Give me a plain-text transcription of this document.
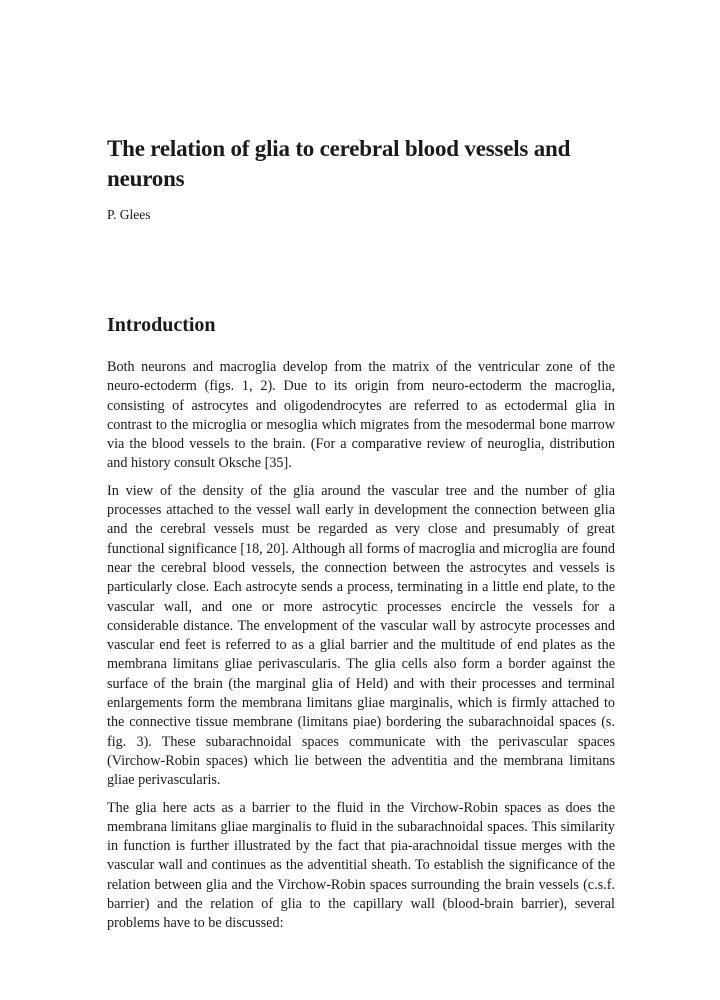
The relation of glia to cerebral blood vessels and neurons

P. Glees

Introduction

Both neurons and macroglia develop from the matrix of the ventricular zone of the neuro-ectoderm (figs. 1, 2). Due to its origin from neuro-ectoderm the macroglia, consisting of astrocytes and oligodendrocytes are referred to as ectodermal glia in contrast to the microglia or mesoglia which migrates from the mesodermal bone marrow via the blood vessels to the brain. (For a comparative review of neuroglia, distribution and history consult Oksche [35].

In view of the density of the glia around the vascular tree and the number of glia processes attached to the vessel wall early in development the connection between glia and the cerebral vessels must be regarded as very close and presumably of great functional significance [18, 20]. Although all forms of macroglia and microglia are found near the cerebral blood vessels, the connection between the astrocytes and vessels is particularly close. Each astrocyte sends a process, terminating in a little end plate, to the vascular wall, and one or more astrocytic processes encircle the vessels for a considerable distance. The envelopment of the vascular wall by astrocyte processes and vascular end feet is referred to as a glial barrier and the multitude of end plates as the membrana limitans gliae perivascularis. The glia cells also form a border against the surface of the brain (the marginal glia of Held) and with their processes and terminal enlargements form the membrana limitans gliae marginalis, which is firmly attached to the connective tissue membrane (limitans piae) bordering the subarachnoidal spaces (s. fig. 3). These subarachnoidal spaces communicate with the perivascular spaces (Virchow-Robin spaces) which lie between the adventitia and the membrana limitans gliae perivascularis.

The glia here acts as a barrier to the fluid in the Virchow-Robin spaces as does the membrana limitans gliae marginalis to fluid in the subarachnoidal spaces. This similarity in function is further illustrated by the fact that pia-arachnoidal tissue merges with the vascular wall and continues as the adventitial sheath. To establish the significance of the relation between glia and the Virchow-Robin spaces surrounding the brain vessels (c.s.f. barrier) and the relation of glia to the capillary wall (blood-brain barrier), several problems have to be discussed:
